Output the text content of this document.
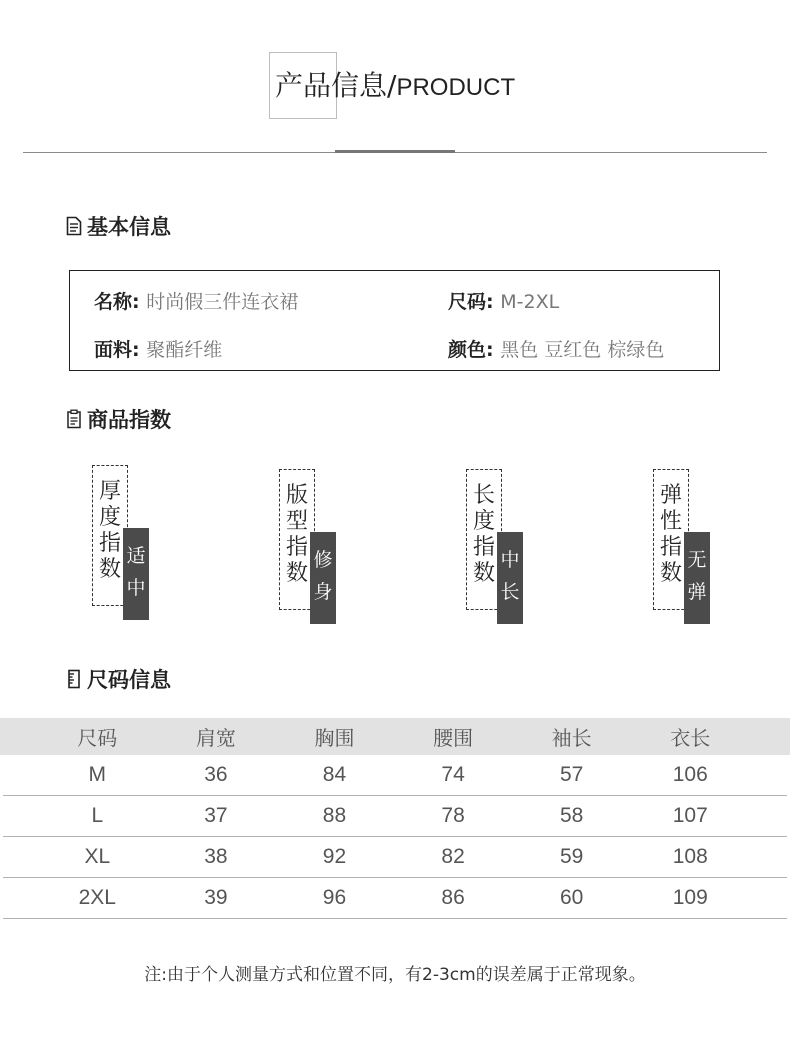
产品信息/PRODUCT
基本信息
名称: 时尚假三件连衣裙	尺码: M-2XL
面料: 聚酯纤维	颜色: 黑色 豆红色 棕绿色
商品指数
厚
度
指
数
适
中
版
型
指
数
修
身
长
度
指
数
中
长
弹
性
指
数
无
弹
尺码信息
尺码	肩宽	胸围	腰围	袖长	衣长
M	36	84	74	57	106
L	37	88	78	58	107
XL	38	92	82	59	108
2XL	39	96	86	60	109
注:由于个人测量方式和位置不同，有2-3cm的误差属于正常现象。
